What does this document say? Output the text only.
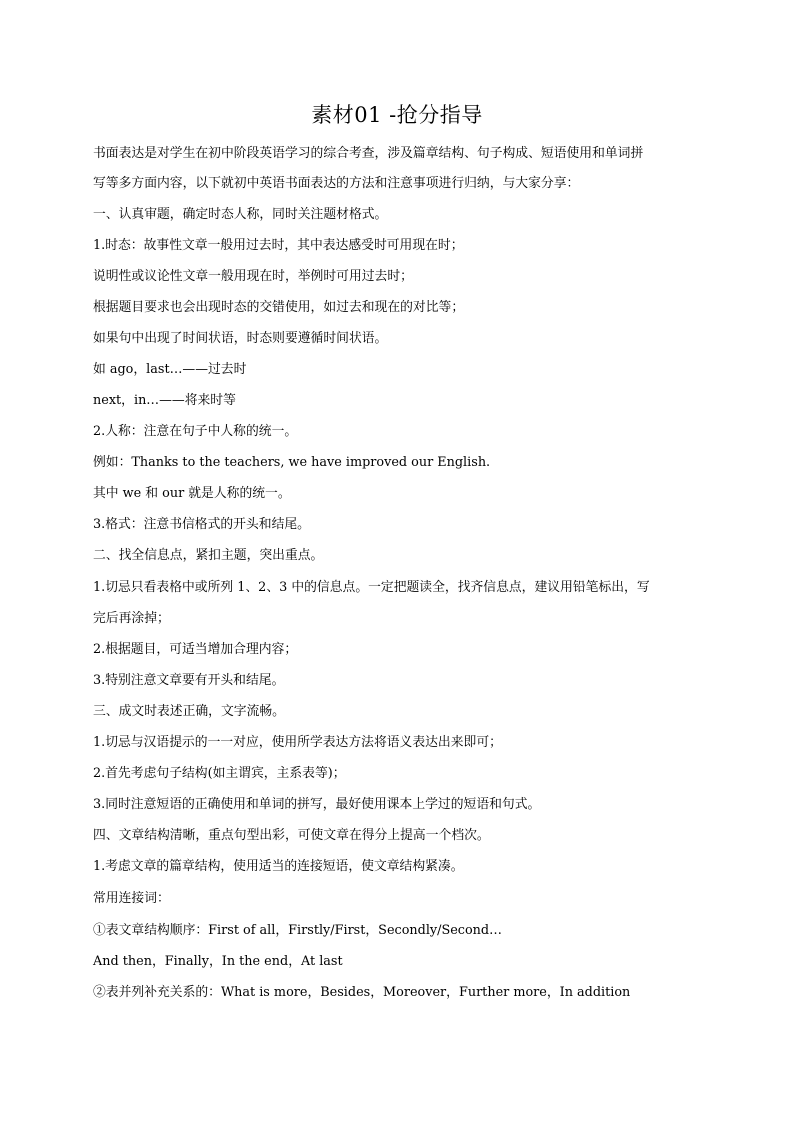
素材01 -抢分指导
书面表达是对学生在初中阶段英语学习的综合考查，涉及篇章结构、句子构成、短语使用和单词拼
写等多方面内容，以下就初中英语书面表达的方法和注意事项进行归纳，与大家分享：
一、认真审题，确定时态人称，同时关注题材格式。
1.时态：故事性文章一般用过去时，其中表达感受时可用现在时；
说明性或议论性文章一般用现在时，举例时可用过去时；
根据题目要求也会出现时态的交错使用，如过去和现在的对比等；
如果句中出现了时间状语，时态则要遵循时间状语。
如 ago，last…——过去时
next，in…——将来时等
2.人称：注意在句子中人称的统一。
例如：Thanks to the teachers, we have improved our English.
其中 we 和 our 就是人称的统一。
3.格式：注意书信格式的开头和结尾。
二、找全信息点，紧扣主题，突出重点。
1.切忌只看表格中或所列 1、2、3 中的信息点。一定把题读全，找齐信息点，建议用铅笔标出，写
完后再涂掉；
2.根据题目，可适当增加合理内容；
3.特别注意文章要有开头和结尾。
三、成文时表述正确，文字流畅。
1.切忌与汉语提示的一一对应，使用所学表达方法将语义表达出来即可；
2.首先考虑句子结构(如主谓宾，主系表等)；
3.同时注意短语的正确使用和单词的拼写，最好使用课本上学过的短语和句式。
四、文章结构清晰，重点句型出彩，可使文章在得分上提高一个档次。
1.考虑文章的篇章结构，使用适当的连接短语，使文章结构紧凑。
常用连接词：
①表文章结构顺序：First of all，Firstly/First，Secondly/Second…
And then，Finally，In the end，At last
②表并列补充关系的：What is more，Besides，Moreover，Further more，In addition
